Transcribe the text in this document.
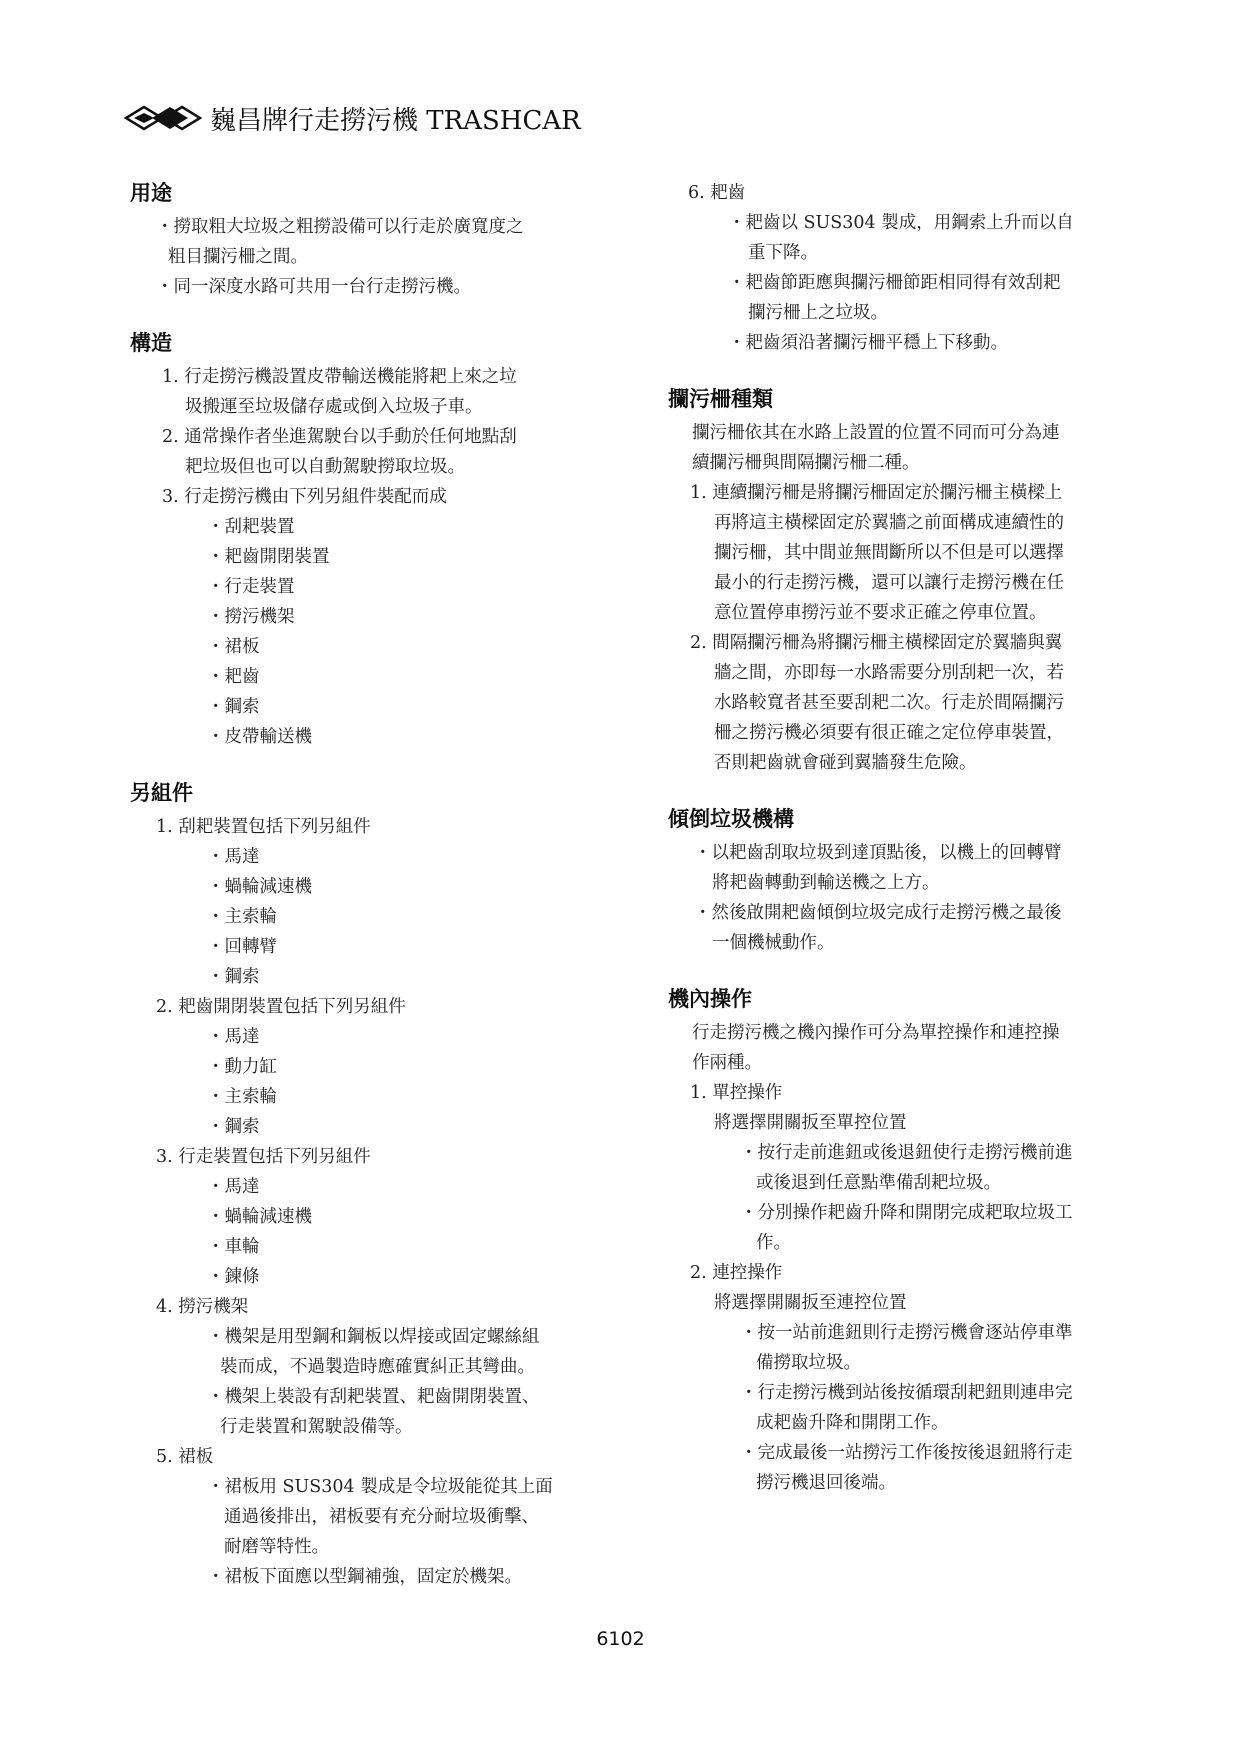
巍昌牌行走撈污機 TRASHCAR
用途
・撈取粗大垃圾之粗撈設備可以行走於廣寬度之
粗目攔污柵之間。
・同一深度水路可共用一台行走撈污機。
構造
1. 行走撈污機設置皮帶輸送機能將耙上來之垃
圾搬運至垃圾儲存處或倒入垃圾子車。
2. 通常操作者坐進駕駛台以手動於任何地點刮
耙垃圾但也可以自動駕駛撈取垃圾。
3. 行走撈污機由下列另組件裝配而成
・刮耙裝置
・耙齒開閉裝置
・行走裝置
・撈污機架
・裙板
・耙齒
・鋼索
・皮帶輸送機
另組件
1. 刮耙裝置包括下列另組件
・馬達
・蝸輪減速機
・主索輪
・回轉臂
・鋼索
2. 耙齒開閉裝置包括下列另組件
・馬達
・動力缸
・主索輪
・鋼索
3. 行走裝置包括下列另組件
・馬達
・蝸輪減速機
・車輪
・鍊條
4. 撈污機架
・機架是用型鋼和鋼板以焊接或固定螺絲組
裝而成，不過製造時應確實糾正其彎曲。
・機架上裝設有刮耙裝置、耙齒開閉裝置、
行走裝置和駕駛設備等。
5. 裙板
・裙板用 SUS304 製成是令垃圾能從其上面
通過後排出，裙板要有充分耐垃圾衝擊、
耐磨等特性。
・裙板下面應以型鋼補強，固定於機架。
6. 耙齒
・耙齒以 SUS304 製成，用鋼索上升而以自
重下降。
・耙齒節距應與攔污柵節距相同得有效刮耙
攔污柵上之垃圾。
・耙齒須沿著攔污柵平穩上下移動。
攔污柵種類
攔污柵依其在水路上設置的位置不同而可分為連
續攔污柵與間隔攔污柵二種。
1. 連續攔污柵是將攔污柵固定於攔污柵主橫樑上
再將這主橫樑固定於翼牆之前面構成連續性的
攔污柵，其中間並無間斷所以不但是可以選擇
最小的行走撈污機，還可以讓行走撈污機在任
意位置停車撈污並不要求正確之停車位置。
2. 間隔攔污柵為將攔污柵主橫樑固定於翼牆與翼
牆之間，亦即每一水路需要分別刮耙一次，若
水路較寬者甚至要刮耙二次。行走於間隔攔污
柵之撈污機必須要有很正確之定位停車裝置，
否則耙齒就會碰到翼牆發生危險。
傾倒垃圾機構
・以耙齒刮取垃圾到達頂點後，以機上的回轉臂
將耙齒轉動到輸送機之上方。
・然後啟開耙齒傾倒垃圾完成行走撈污機之最後
一個機械動作。
機內操作
行走撈污機之機內操作可分為單控操作和連控操
作兩種。
1. 單控操作
將選擇開關扳至單控位置
・按行走前進鈕或後退鈕使行走撈污機前進
或後退到任意點準備刮耙垃圾。
・分別操作耙齒升降和開閉完成耙取垃圾工
作。
2. 連控操作
將選擇開關扳至連控位置
・按一站前進鈕則行走撈污機會逐站停車準
備撈取垃圾。
・行走撈污機到站後按循環刮耙鈕則連串完
成耙齒升降和開閉工作。
・完成最後一站撈污工作後按後退鈕將行走
撈污機退回後端。
6102
